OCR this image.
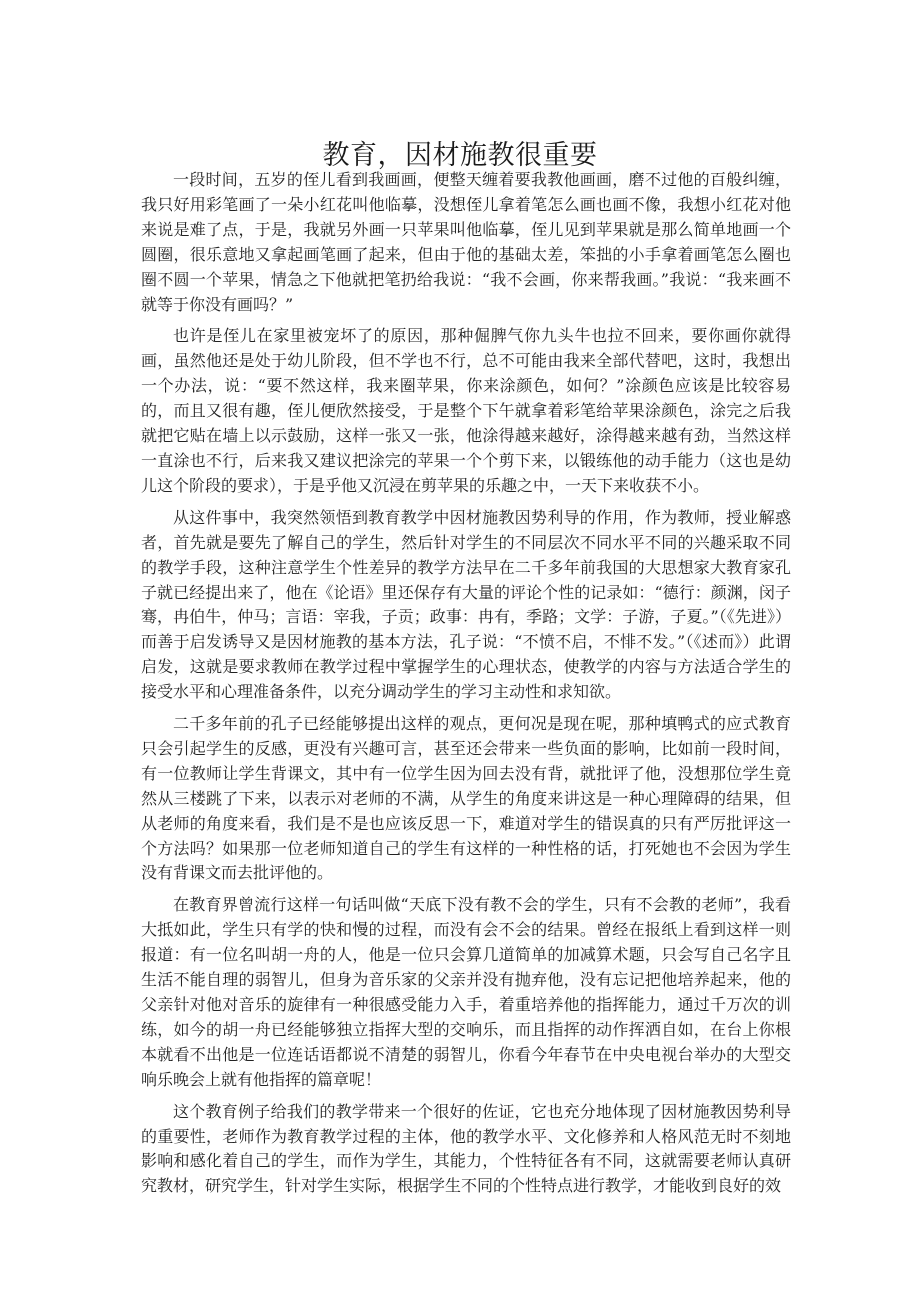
教育，因材施教很重要

一段时间，五岁的侄儿看到我画画，便整天缠着要我教他画画，磨不过他的百般纠缠，我只好用彩笔画了一朵小红花叫他临摹，没想侄儿拿着笔怎么画也画不像，我想小红花对他来说是难了点，于是，我就另外画一只苹果叫他临摹，侄儿见到苹果就是那么简单地画一个圆圈，很乐意地又拿起画笔画了起来，但由于他的基础太差，笨拙的小手拿着画笔怎么圈也圈不圆一个苹果，情急之下他就把笔扔给我说：“我不会画，你来帮我画。”我说：“我来画不就等于你没有画吗？”

也许是侄儿在家里被宠坏了的原因，那种倔脾气你九头牛也拉不回来，要你画你就得画，虽然他还是处于幼儿阶段，但不学也不行，总不可能由我来全部代替吧，这时，我想出一个办法，说：“要不然这样，我来圈苹果，你来涂颜色，如何？”涂颜色应该是比较容易的，而且又很有趣，侄儿便欣然接受，于是整个下午就拿着彩笔给苹果涂颜色，涂完之后我就把它贴在墙上以示鼓励，这样一张又一张，他涂得越来越好，涂得越来越有劲，当然这样一直涂也不行，后来我又建议把涂完的苹果一个个剪下来，以锻练他的动手能力（这也是幼儿这个阶段的要求），于是乎他又沉浸在剪苹果的乐趣之中，一天下来收获不小。

从这件事中，我突然领悟到教育教学中因材施教因势利导的作用，作为教师，授业解惑者，首先就是要先了解自己的学生，然后针对学生的不同层次不同水平不同的兴趣采取不同的教学手段，这种注意学生个性差异的教学方法早在二千多年前我国的大思想家大教育家孔子就已经提出来了，他在《论语》里还保存有大量的评论个性的记录如：“德行：颜渊，闵子骞，冉伯牛，仲马；言语：宰我，子贡；政事：冉有，季路；文学：子游，子夏。”（《先进》）而善于启发诱导又是因材施教的基本方法，孔子说：“不愤不启，不悱不发。”（《述而》）此谓启发，这就是要求教师在教学过程中掌握学生的心理状态，使教学的内容与方法适合学生的接受水平和心理准备条件，以充分调动学生的学习主动性和求知欲。

二千多年前的孔子已经能够提出这样的观点，更何况是现在呢，那种填鸭式的应式教育只会引起学生的反感，更没有兴趣可言，甚至还会带来一些负面的影响，比如前一段时间，有一位教师让学生背课文，其中有一位学生因为回去没有背，就批评了他，没想那位学生竟然从三楼跳了下来，以表示对老师的不满，从学生的角度来讲这是一种心理障碍的结果，但从老师的角度来看，我们是不是也应该反思一下，难道对学生的错误真的只有严厉批评这一个方法吗？如果那一位老师知道自己的学生有这样的一种性格的话，打死她也不会因为学生没有背课文而去批评他的。

在教育界曾流行这样一句话叫做“天底下没有教不会的学生，只有不会教的老师”，我看大抵如此，学生只有学的快和慢的过程，而没有会不会的结果。曾经在报纸上看到这样一则报道：有一位名叫胡一舟的人，他是一位只会算几道简单的加减算术题，只会写自己名字且生活不能自理的弱智儿，但身为音乐家的父亲并没有抛弃他，没有忘记把他培养起来，他的父亲针对他对音乐的旋律有一种很感受能力入手，着重培养他的指挥能力，通过千万次的训练，如今的胡一舟已经能够独立指挥大型的交响乐，而且指挥的动作挥洒自如，在台上你根本就看不出他是一位连话语都说不清楚的弱智儿，你看今年春节在中央电视台举办的大型交响乐晚会上就有他指挥的篇章呢！

这个教育例子给我们的教学带来一个很好的佐证，它也充分地体现了因材施教因势利导的重要性，老师作为教育教学过程的主体，他的教学水平、文化修养和人格风范无时不刻地影响和感化着自己的学生，而作为学生，其能力，个性特征各有不同，这就需要老师认真研究教材，研究学生，针对学生实际，根据学生不同的个性特点进行教学，才能收到良好的效
